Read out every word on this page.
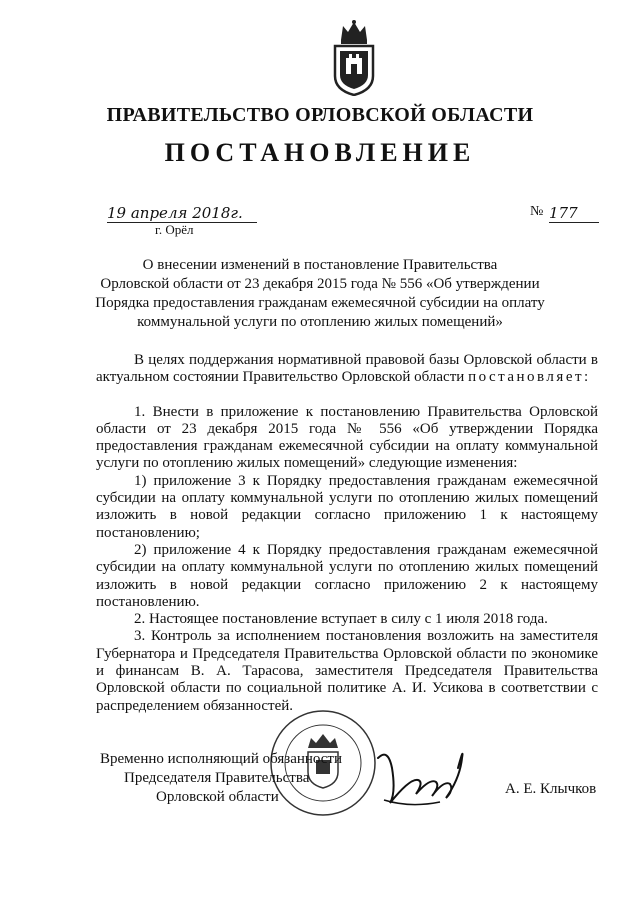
ПРАВИТЕЛЬСТВО ОРЛОВСКОЙ ОБЛАСТИ
ПОСТАНОВЛЕНИЕ
19 апреля 2018г.
г. Орёл
№ 177
О внесении изменений в постановление Правительства
Орловской области от 23 декабря 2015 года № 556 «Об утверждении
Порядка предоставления гражданам ежемесячной субсидии на оплату
коммунальной услуги по отоплению жилых помещений»

В целях поддержания нормативной правовой базы Орловской области в актуальном состоянии Правительство Орловской области постановляет:

1. Внести в приложение к постановлению Правительства Орловской области от 23 декабря 2015 года № 556 «Об утверждении Порядка предоставления гражданам ежемесячной субсидии на оплату коммунальной услуги по отоплению жилых помещений» следующие изменения:

1) приложение 3 к Порядку предоставления гражданам ежемесячной субсидии на оплату коммунальной услуги по отоплению жилых помещений изложить в новой редакции согласно приложению 1 к настоящему постановлению;

2) приложение 4 к Порядку предоставления гражданам ежемесячной субсидии на оплату коммунальной услуги по отоплению жилых помещений изложить в новой редакции согласно приложению 2 к настоящему постановлению.

2. Настоящее постановление вступает в силу с 1 июля 2018 года.

3. Контроль за исполнением постановления возложить на заместителя Губернатора и Председателя Правительства Орловской области по экономике и финансам В. А. Тарасова, заместителя Председателя Правительства Орловской области по социальной политике А. И. Усикова в соответствии с распределением обязанностей.

Временно исполняющий обязанности
Председателя Правительства
Орловской области	А. Е. Клычков
